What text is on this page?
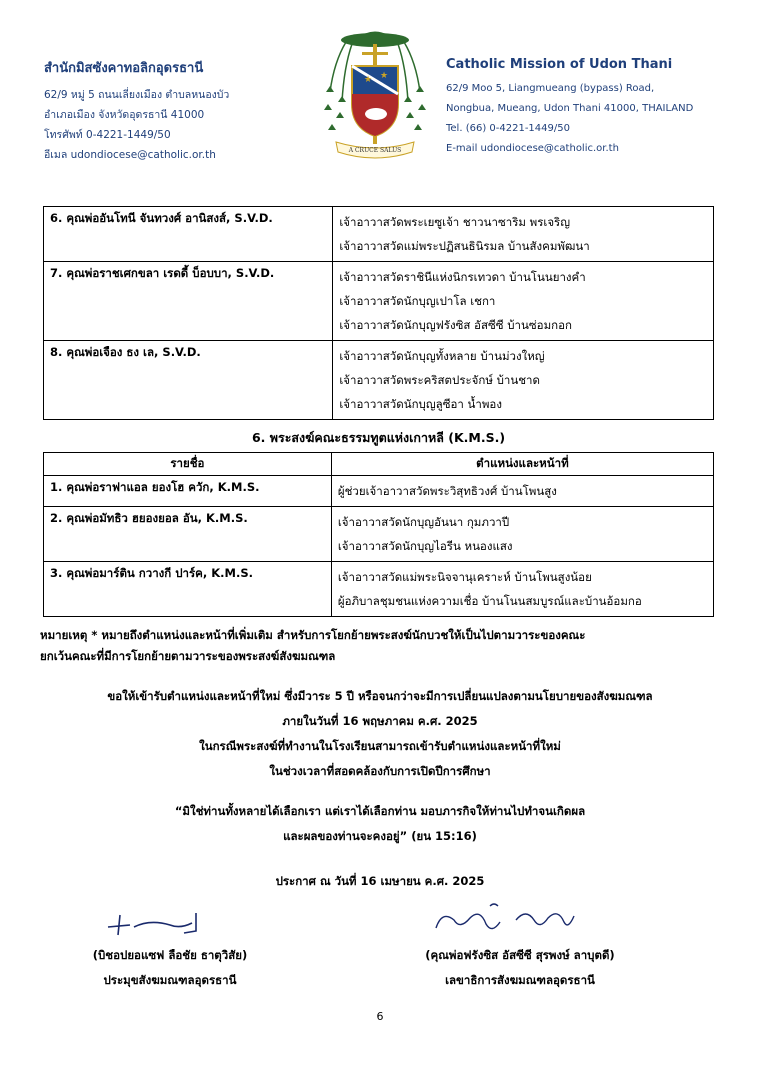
สำนักมิสซังคาทอลิกอุดรธานี
62/9 หมู่ 5 ถนนเลี่ยงเมือง ตำบลหนองบัว
อำเภอเมือง จังหวัดอุดรธานี 41000
โทรศัพท์ 0-4221-1449/50
อีเมล udondiocese@catholic.or.th
★ ★
A CRUCE SALUS
Catholic Mission of Udon Thani
62/9 Moo 5, Liangmueang (bypass) Road,
Nongbua, Mueang, Udon Thani 41000, THAILAND
Tel. (66) 0-4221-1449/50
E-mail udondiocese@catholic.or.th
6. คุณพ่ออันโทนี จันทวงศ์ อานิสงส์, S.V.D.	เจ้าอาวาสวัดพระเยซูเจ้า ชาวนาซาริม พรเจริญ
เจ้าอาวาสวัดแม่พระปฏิสนธินิรมล บ้านสังคมพัฒนา

7. คุณพ่อราชเศกขลา เรดดี้ บ็อบบา, S.V.D.	เจ้าอาวาสวัดราชินีแห่งนิกรเทวดา บ้านโนนยางคำ
เจ้าอาวาสวัดนักบุญเปาโล เชกา
เจ้าอาวาสวัดนักบุญฟรังซิส อัสซีซี บ้านซ่อมกอก

8. คุณพ่อเจือง ธง เล, S.V.D.	เจ้าอาวาสวัดนักบุญทั้งหลาย บ้านม่วงใหญ่
เจ้าอาวาสวัดพระคริสตประจักษ์ บ้านชาด
เจ้าอาวาสวัดนักบุญลูซีอา น้ำพอง
6. พระสงฆ์คณะธรรมทูตแห่งเกาหลี (K.M.S.)
รายชื่อ	ตำแหน่งและหน้าที่
1. คุณพ่อราฟาแอล ยองโฮ ควัก, K.M.S.	ผู้ช่วยเจ้าอาวาสวัดพระวิสุทธิวงศ์ บ้านโพนสูง

2. คุณพ่อมัทธิว ฮยองยอล อัน, K.M.S.	เจ้าอาวาสวัดนักบุญอันนา กุมภวาปี
เจ้าอาวาสวัดนักบุญไอรีน หนองแสง

3. คุณพ่อมาร์ติน กวางกี ปาร์ค, K.M.S.	เจ้าอาวาสวัดแม่พระนิจจานุเคราะห์ บ้านโพนสูงน้อย
ผู้อภิบาลชุมชนแห่งความเชื่อ บ้านโนนสมบูรณ์และบ้านอ้อมกอ
หมายเหตุ * หมายถึงตำแหน่งและหน้าที่เพิ่มเติม สำหรับการโยกย้ายพระสงฆ์นักบวชให้เป็นไปตามวาระของคณะ
ยกเว้นคณะที่มีการโยกย้ายตามวาระของพระสงฆ์สังฆมณฑล
ขอให้เข้ารับตำแหน่งและหน้าที่ใหม่ ซึ่งมีวาระ 5 ปี หรือจนกว่าจะมีการเปลี่ยนแปลงตามนโยบายของสังฆมณฑล
ภายในวันที่ 16 พฤษภาคม ค.ศ. 2025
ในกรณีพระสงฆ์ที่ทำงานในโรงเรียนสามารถเข้ารับตำแหน่งและหน้าที่ใหม่
ในช่วงเวลาที่สอดคล้องกับการเปิดปีการศึกษา
“มิใช่ท่านทั้งหลายได้เลือกเรา แต่เราได้เลือกท่าน มอบภารกิจให้ท่านไปทำจนเกิดผล
และผลของท่านจะคงอยู่” (ยน 15:16)
ประกาศ ณ วันที่ 16 เมษายน ค.ศ. 2025
(บิชอปยอแซฟ ลือชัย ธาตุวิสัย)
ประมุขสังฆมณฑลอุดรธานี
(คุณพ่อฟรังซิส อัสซีซี สุรพงษ์ ลาบุตดี)
เลขาธิการสังฆมณฑลอุดรธานี
6
